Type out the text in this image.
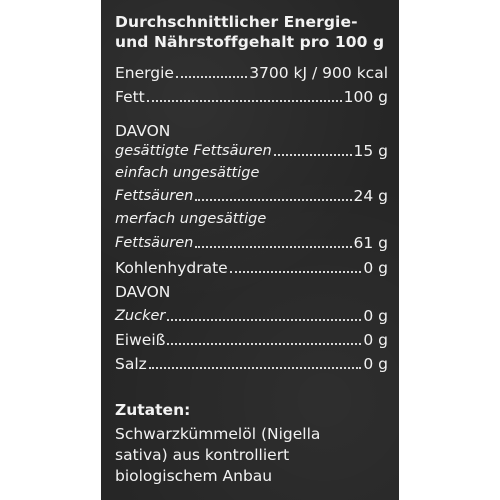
Durchschnittlicher Energie-
und Nährstoffgehalt pro 100 g
Energie	3700 kJ / 900 kcal
Fett	100 g
DAVON
gesättigte Fettsäuren	15 g
einfach ungesättige
Fettsäuren	24 g
merfach ungesättige
Fettsäuren	61 g
Kohlenhydrate	0 g
DAVON
Zucker	0 g
Eiweiß	0 g
Salz	0 g
Zutaten:
Schwarzkümmelöl (Nigella
sativa) aus kontrolliert
biologischem Anbau
